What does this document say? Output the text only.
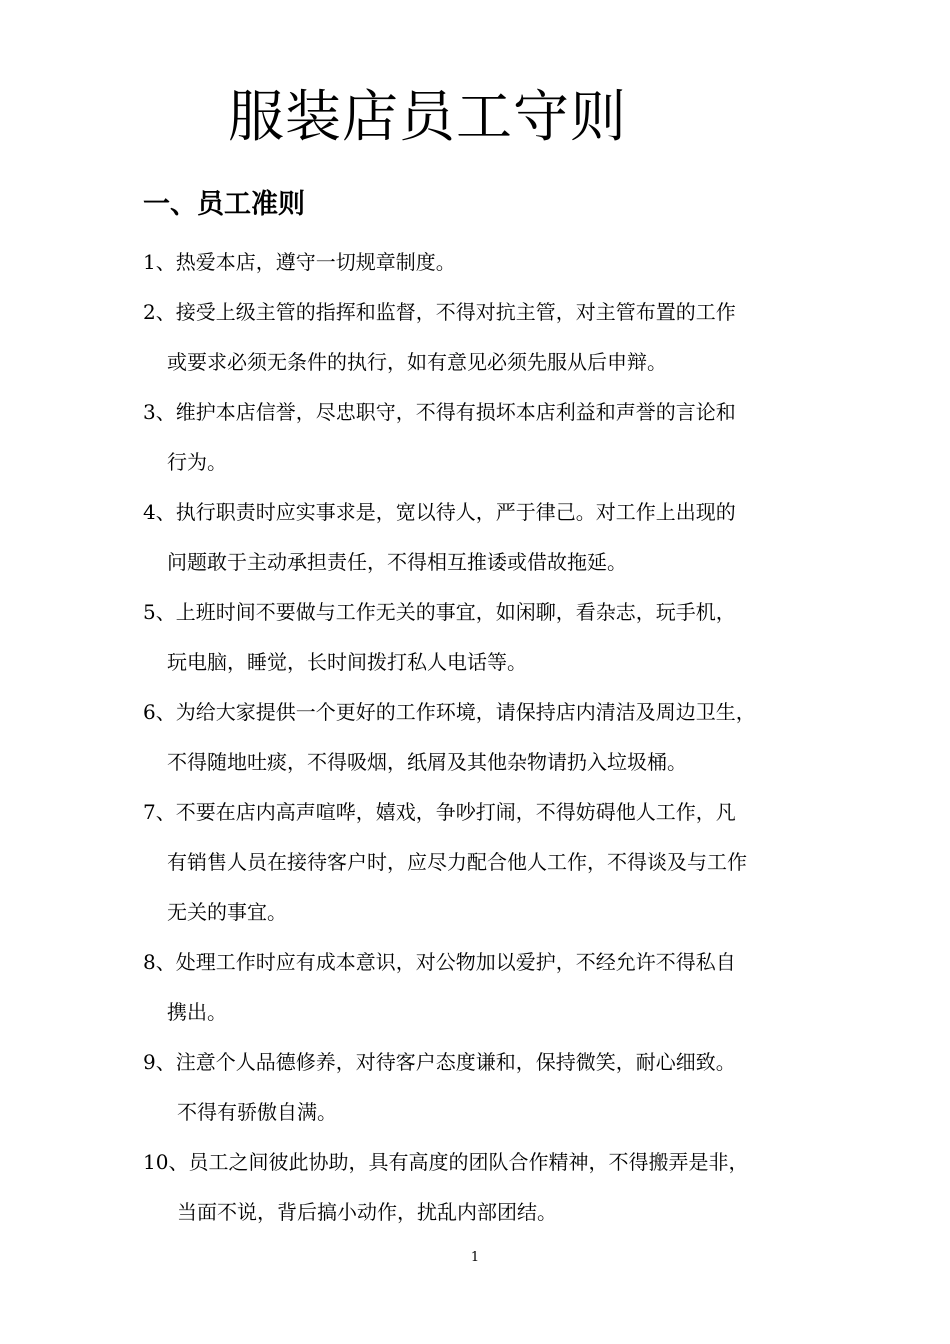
服装店员工守则
一、员工准则
1、热爱本店，遵守一切规章制度。
2、接受上级主管的指挥和监督，不得对抗主管，对主管布置的工作
或要求必须无条件的执行，如有意见必须先服从后申辩。
3、维护本店信誉，尽忠职守，不得有损坏本店利益和声誉的言论和
行为。
4、执行职责时应实事求是，宽以待人，严于律己。对工作上出现的
问题敢于主动承担责任，不得相互推诿或借故拖延。
5、上班时间不要做与工作无关的事宜，如闲聊，看杂志，玩手机，
玩电脑，睡觉，长时间拨打私人电话等。
6、为给大家提供一个更好的工作环境，请保持店内清洁及周边卫生，
不得随地吐痰，不得吸烟，纸屑及其他杂物请扔入垃圾桶。
7、不要在店内高声喧哗，嬉戏，争吵打闹，不得妨碍他人工作，凡
有销售人员在接待客户时，应尽力配合他人工作，不得谈及与工作
无关的事宜。
8、处理工作时应有成本意识，对公物加以爱护，不经允许不得私自
携出。
9、注意个人品德修养，对待客户态度谦和，保持微笑，耐心细致。
不得有骄傲自满。
10、员工之间彼此协助，具有高度的团队合作精神，不得搬弄是非，
当面不说，背后搞小动作，扰乱内部团结。
1
